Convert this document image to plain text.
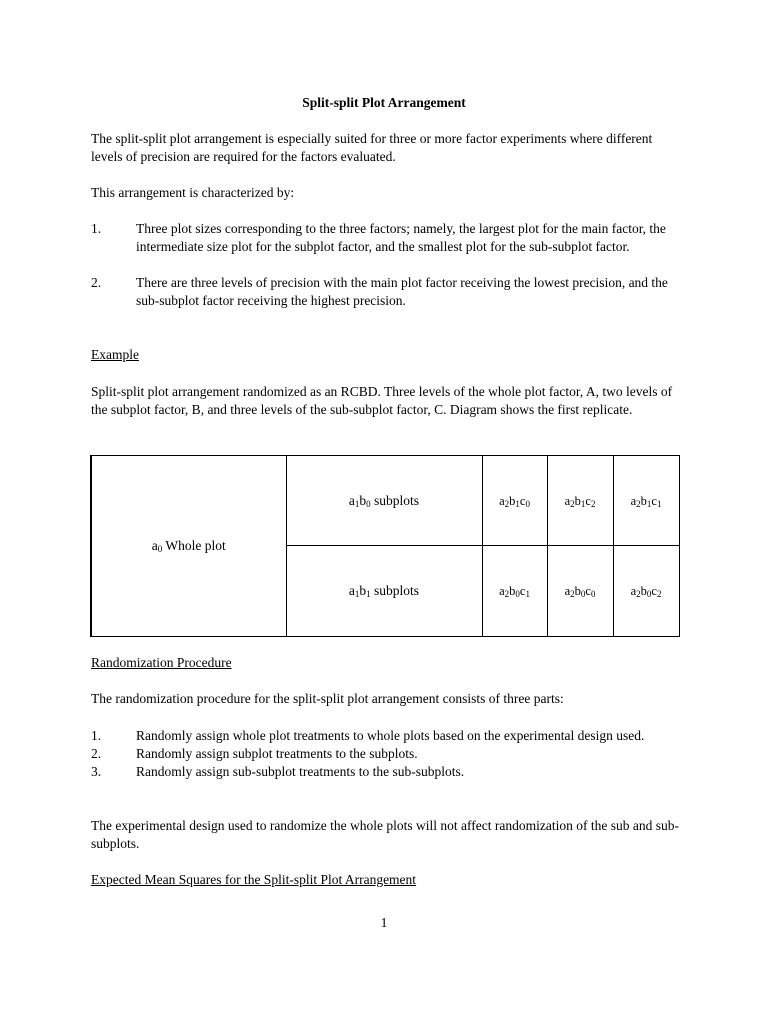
Split-split Plot Arrangement

The split-split plot arrangement is especially suited for three or more factor experiments where different levels of precision are required for the factors evaluated.

This arrangement is characterized by:

1.	Three plot sizes corresponding to the three factors; namely, the largest plot for the main factor, the intermediate size plot for the subplot factor, and the smallest plot for the sub-subplot factor.
2.	There are three levels of precision with the main plot factor receiving the lowest precision, and the sub-subplot factor receiving the highest precision.

Example

Split-split plot arrangement randomized as an RCBD. Three levels of the whole plot factor, A, two levels of the subplot factor, B, and three levels of the sub-subplot factor, C. Diagram shows the first replicate.

$a_0$ Whole plot	$a_1b_0$ subplots	$a_2b_1c_0$	$a_2b_1c_2$	$a_2b_1c_1$
	$a_1b_1$ subplots	$a_2b_0c_1$	$a_2b_0c_0$	$a_2b_0c_2$

Randomization Procedure

The randomization procedure for the split-split plot arrangement consists of three parts:

1.	Randomly assign whole plot treatments to whole plots based on the experimental design used.
2.	Randomly assign subplot treatments to the subplots.
3.	Randomly assign sub-subplot treatments to the sub-subplots.

The experimental design used to randomize the whole plots will not affect randomization of the sub and sub-subplots.

Expected Mean Squares for the Split-split Plot Arrangement

1
